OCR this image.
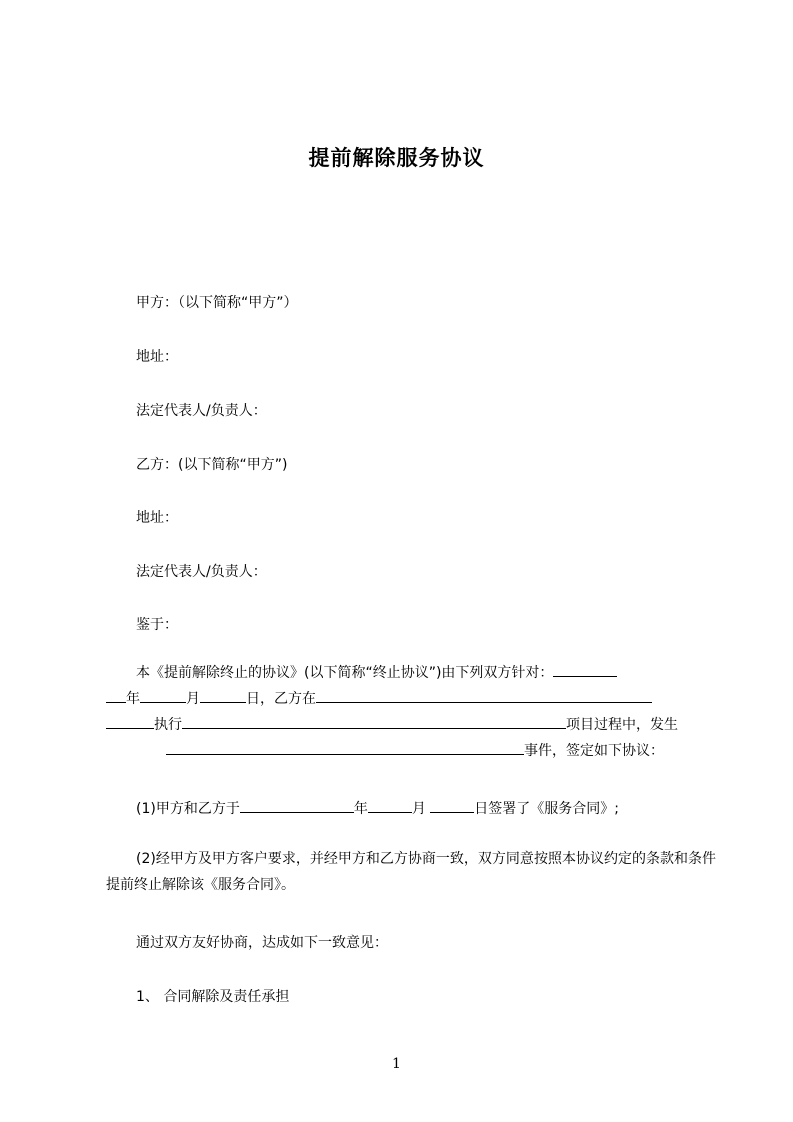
提前解除服务协议
甲方：（以下简称“甲方”）
地址：
法定代表人/负责人：
乙方：(以下简称“甲方”)
地址：
法定代表人/负责人：
鉴于：
本《提前解除终止的协议》(以下简称“终止协议”)由下列双方针对：
年	月	日，乙方在
执行	项目过程中，发生
事件，签定如下协议：
(1)甲方和乙方于	年	月	日签署了《服务合同》;
(2)经甲方及甲方客户要求，并经甲方和乙方协商一致，双方同意按照本协议约定的条款和条件提前终止解除该《服务合同》。
通过双方友好协商，达成如下一致意见：
1、 合同解除及责任承担
1
